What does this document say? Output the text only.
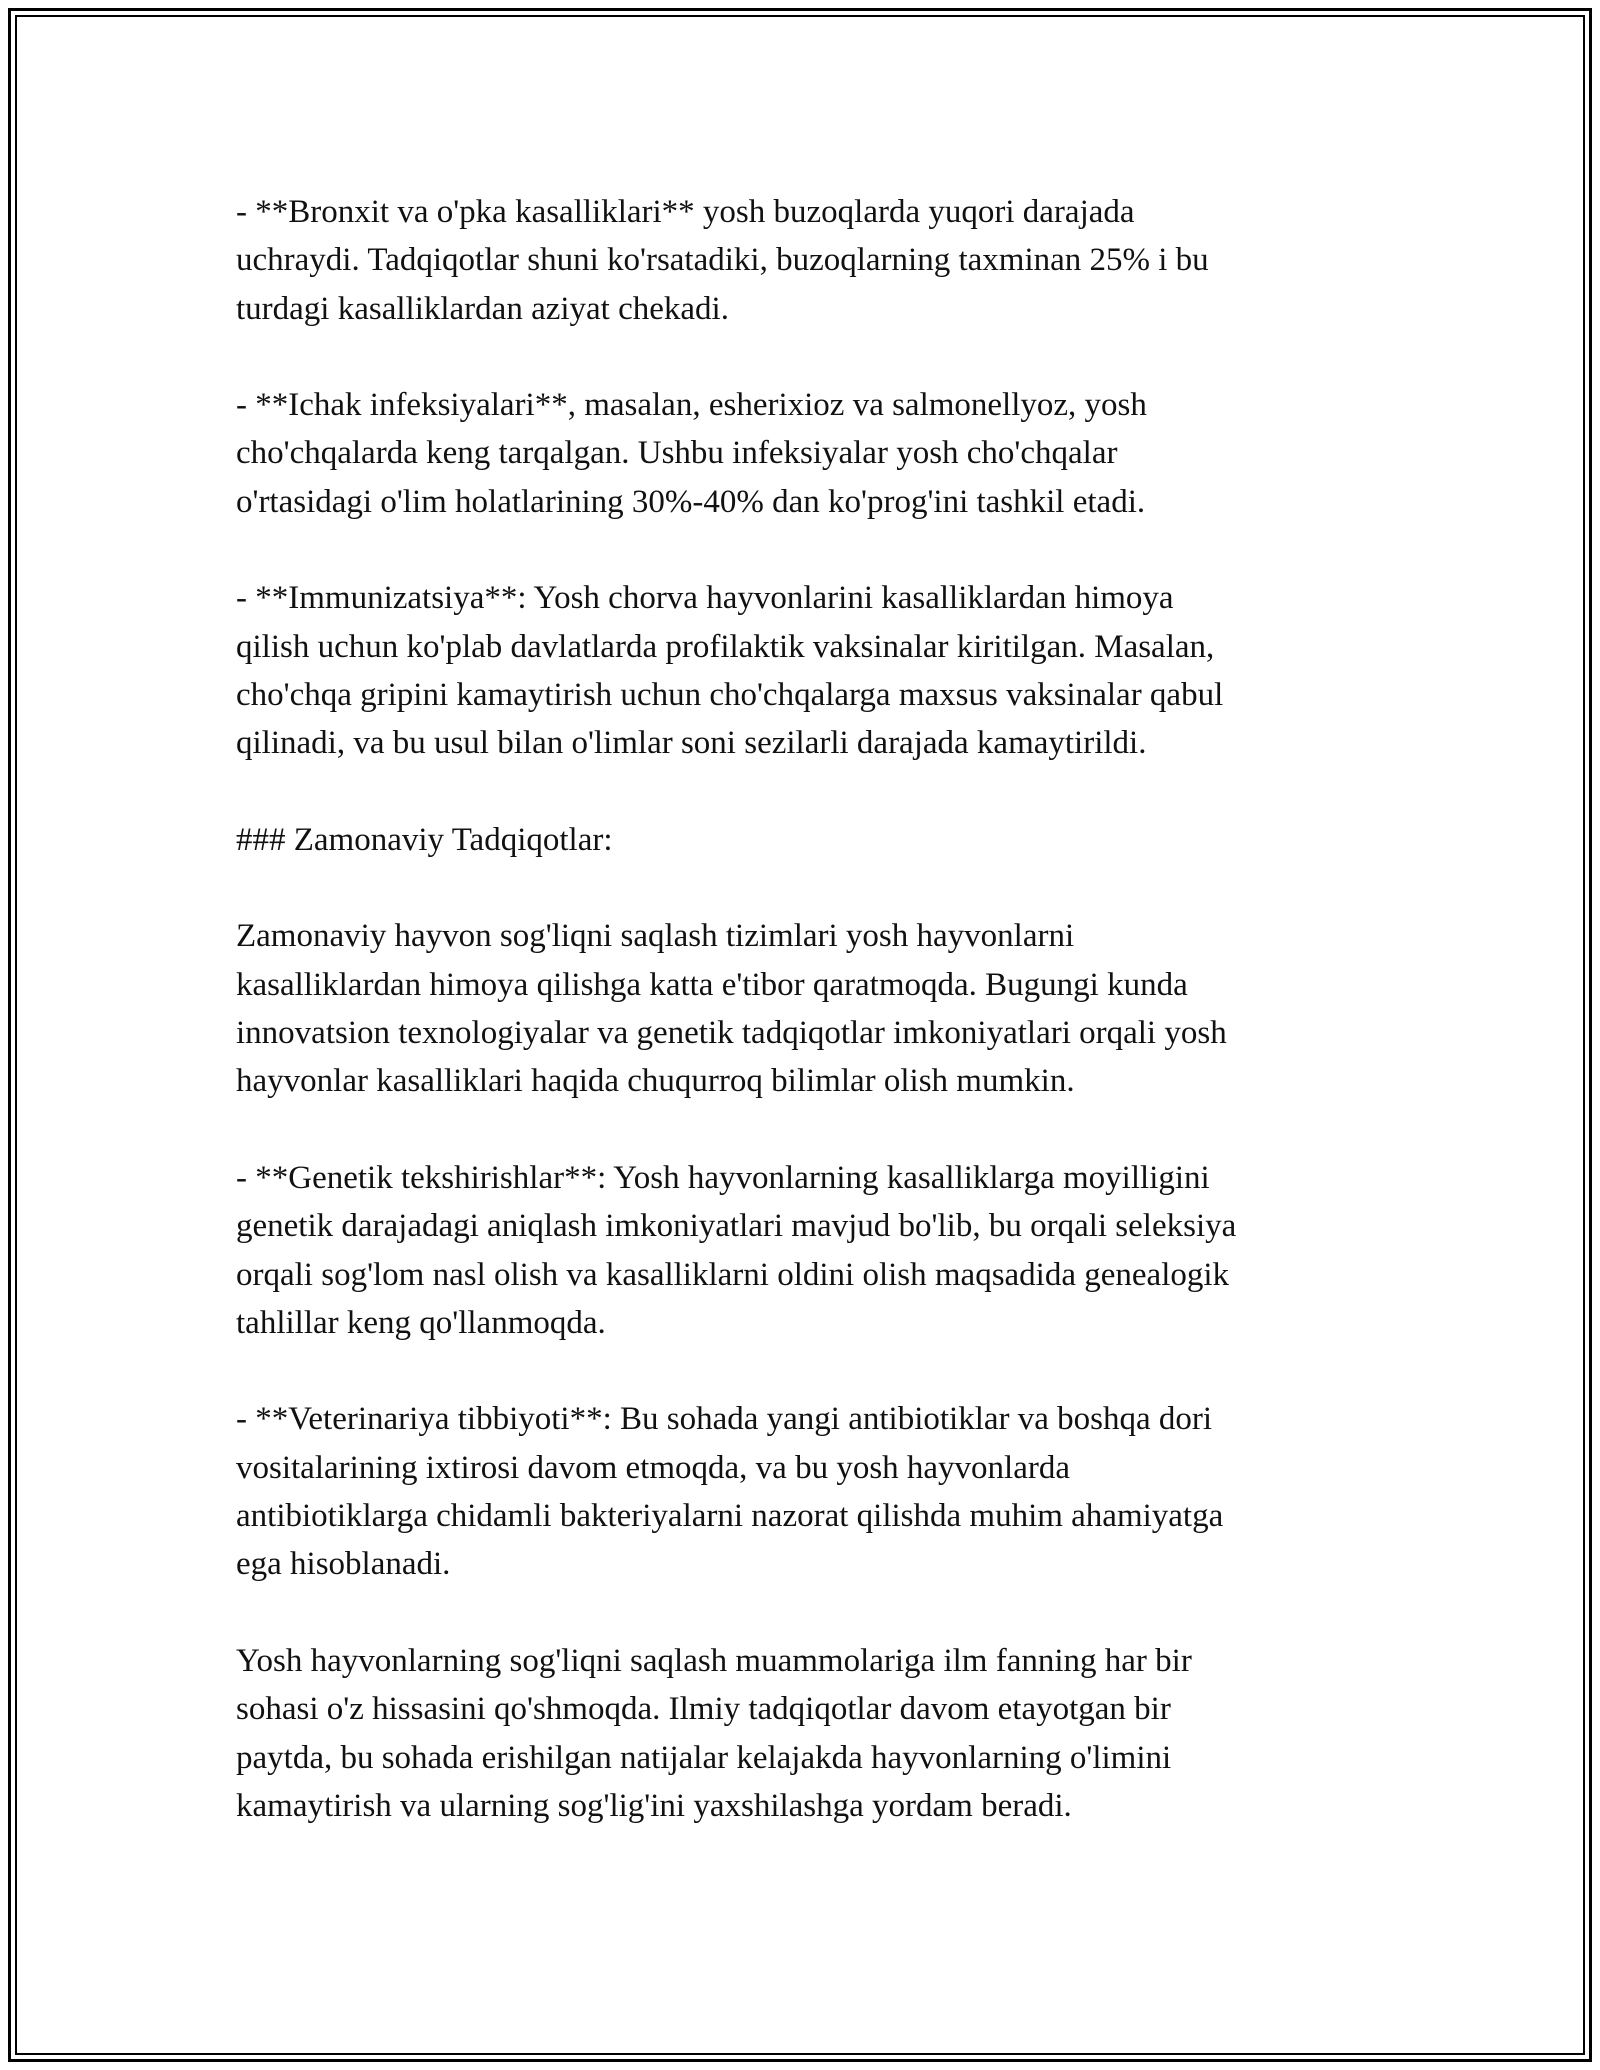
- **Bronxit va o'pka kasalliklari** yosh buzoqlarda yuqori darajada
uchraydi. Tadqiqotlar shuni ko'rsatadiki, buzoqlarning taxminan 25% i bu
turdagi kasalliklardan aziyat chekadi.
- **Ichak infeksiyalari**, masalan, esherixioz va salmonellyoz, yosh
cho'chqalarda keng tarqalgan. Ushbu infeksiyalar yosh cho'chqalar
o'rtasidagi o'lim holatlarining 30%-40% dan ko'prog'ini tashkil etadi.
- **Immunizatsiya**: Yosh chorva hayvonlarini kasalliklardan himoya
qilish uchun ko'plab davlatlarda profilaktik vaksinalar kiritilgan. Masalan,
cho'chqa gripini kamaytirish uchun cho'chqalarga maxsus vaksinalar qabul
qilinadi, va bu usul bilan o'limlar soni sezilarli darajada kamaytirildi.
### Zamonaviy Tadqiqotlar:
Zamonaviy hayvon sog'liqni saqlash tizimlari yosh hayvonlarni
kasalliklardan himoya qilishga katta e'tibor qaratmoqda. Bugungi kunda
innovatsion texnologiyalar va genetik tadqiqotlar imkoniyatlari orqali yosh
hayvonlar kasalliklari haqida chuqurroq bilimlar olish mumkin.
- **Genetik tekshirishlar**: Yosh hayvonlarning kasalliklarga moyilligini
genetik darajadagi aniqlash imkoniyatlari mavjud bo'lib, bu orqali seleksiya
orqali sog'lom nasl olish va kasalliklarni oldini olish maqsadida genealogik
tahlillar keng qo'llanmoqda.
- **Veterinariya tibbiyoti**: Bu sohada yangi antibiotiklar va boshqa dori
vositalarining ixtirosi davom etmoqda, va bu yosh hayvonlarda
antibiotiklarga chidamli bakteriyalarni nazorat qilishda muhim ahamiyatga
ega hisoblanadi.
Yosh hayvonlarning sog'liqni saqlash muammolariga ilm fanning har bir
sohasi o'z hissasini qo'shmoqda. Ilmiy tadqiqotlar davom etayotgan bir
paytda, bu sohada erishilgan natijalar kelajakda hayvonlarning o'limini
kamaytirish va ularning sog'lig'ini yaxshilashga yordam beradi.
